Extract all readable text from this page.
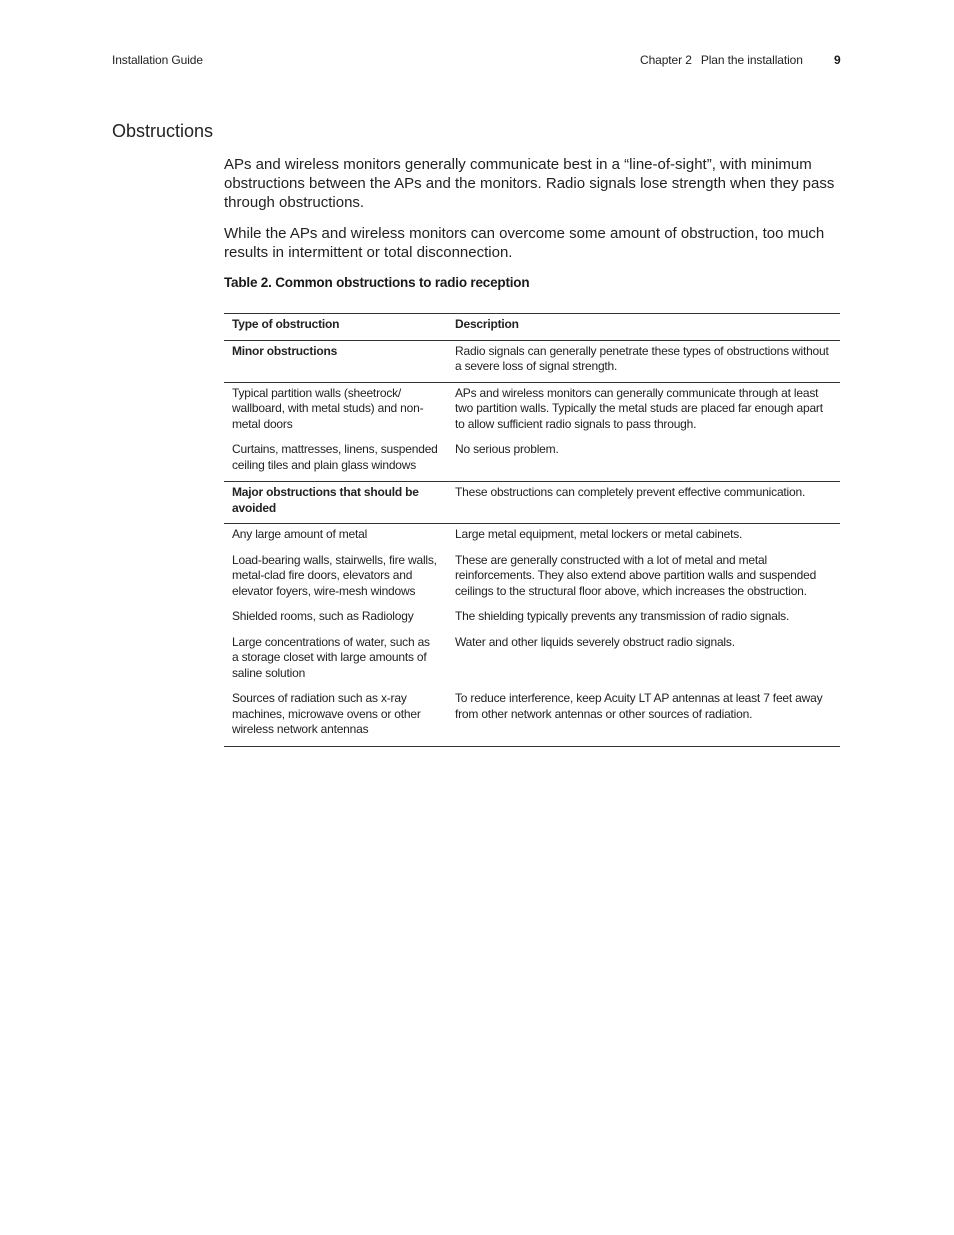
Installation Guide	Chapter 2 Plan the installation	9
Obstructions
APs and wireless monitors generally communicate best in a “line-of-sight”, with minimum obstructions between the APs and the monitors. Radio signals lose strength when they pass through obstructions.
While the APs and wireless monitors can overcome some amount of obstruction, too much results in intermittent or total disconnection.
Table 2. Common obstructions to radio reception
Type of obstruction	Description
Minor obstructions	Radio signals can generally penetrate these types of obstructions without a severe loss of signal strength.
Typical partition walls (sheetrock/ wallboard, with metal studs) and non-metal doors	APs and wireless monitors can generally communicate through at least two partition walls. Typically the metal studs are placed far enough apart to allow sufficient radio signals to pass through.
Curtains, mattresses, linens, suspended ceiling tiles and plain glass windows	No serious problem.
Major obstructions that should be avoided	These obstructions can completely prevent effective communication.
Any large amount of metal	Large metal equipment, metal lockers or metal cabinets.
Load-bearing walls, stairwells, fire walls, metal-clad fire doors, elevators and elevator foyers, wire-mesh windows	These are generally constructed with a lot of metal and metal reinforcements. They also extend above partition walls and suspended ceilings to the structural floor above, which increases the obstruction.
Shielded rooms, such as Radiology	The shielding typically prevents any transmission of radio signals.
Large concentrations of water, such as a storage closet with large amounts of saline solution	Water and other liquids severely obstruct radio signals.
Sources of radiation such as x-ray machines, microwave ovens or other wireless network antennas	To reduce interference, keep Acuity LT AP antennas at least 7 feet away from other network antennas or other sources of radiation.
